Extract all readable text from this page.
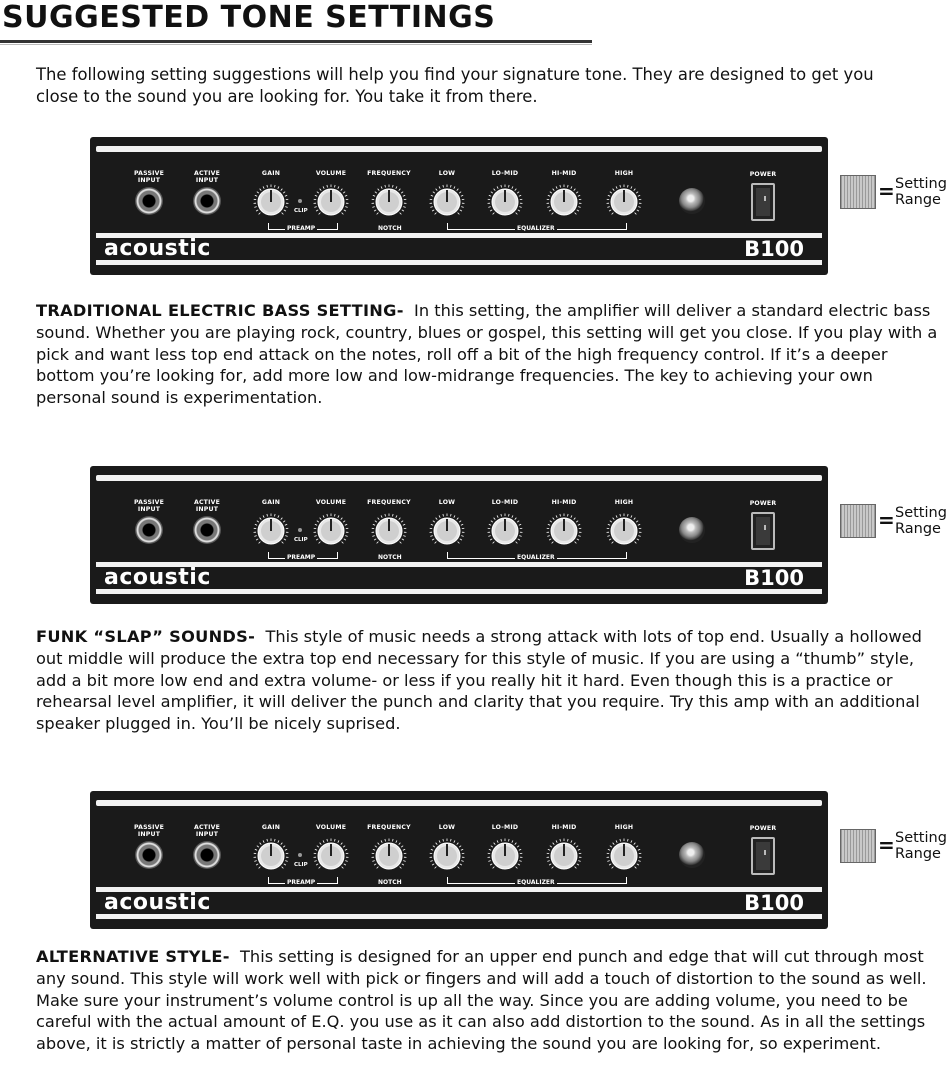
SUGGESTED TONE SETTINGS

The following setting suggestions will help you find your signature tone. They are designed to get you close to the sound you are looking for. You take it from there.

acoustic	B100
PASSIVE INPUT
ACTIVE INPUT
GAIN	VOLUME	FREQUENCY	LOW	LO-MID	HI-MID	HIGH
CLIP
PREAMP	NOTCH	EQUALIZER
POWER
= Setting
Range
acoustic	B100
PASSIVE INPUT
ACTIVE INPUT
GAIN	VOLUME	FREQUENCY	LOW	LO-MID	HI-MID	HIGH
CLIP
PREAMP	NOTCH	EQUALIZER
POWER
= Setting
Range
acoustic	B100
PASSIVE INPUT
ACTIVE INPUT
GAIN	VOLUME	FREQUENCY	LOW	LO-MID	HI-MID	HIGH
CLIP
PREAMP	NOTCH	EQUALIZER
POWER
= Setting
Range

TRADITIONAL ELECTRIC BASS SETTING- In this setting, the amplifier will deliver a standard electric bass sound. Whether you are playing rock, country, blues or gospel, this setting will get you close. If you play with a pick and want less top end attack on the notes, roll off a bit of the high frequency control. If it’s a deeper bottom you’re looking for, add more low and low-midrange frequencies. The key to achieving your own personal sound is experimentation.

FUNK “SLAP” SOUNDS- This style of music needs a strong attack with lots of top end. Usually a hollowed out middle will produce the extra top end necessary for this style of music. If you are using a “thumb” style, add a bit more low end and extra volume- or less if you really hit it hard. Even though this is a practice or rehearsal level amplifier, it will deliver the punch and clarity that you require. Try this amp with an additional speaker plugged in. You’ll be nicely suprised.

ALTERNATIVE STYLE- This setting is designed for an upper end punch and edge that will cut through most any sound. This style will work well with pick or fingers and will add a touch of distortion to the sound as well. Make sure your instrument’s volume control is up all the way. Since you are adding volume, you need to be careful with the actual amount of E.Q. you use as it can also add distortion to the sound. As in all the settings above, it is strictly a matter of personal taste in achieving the sound you are looking for, so experiment.
